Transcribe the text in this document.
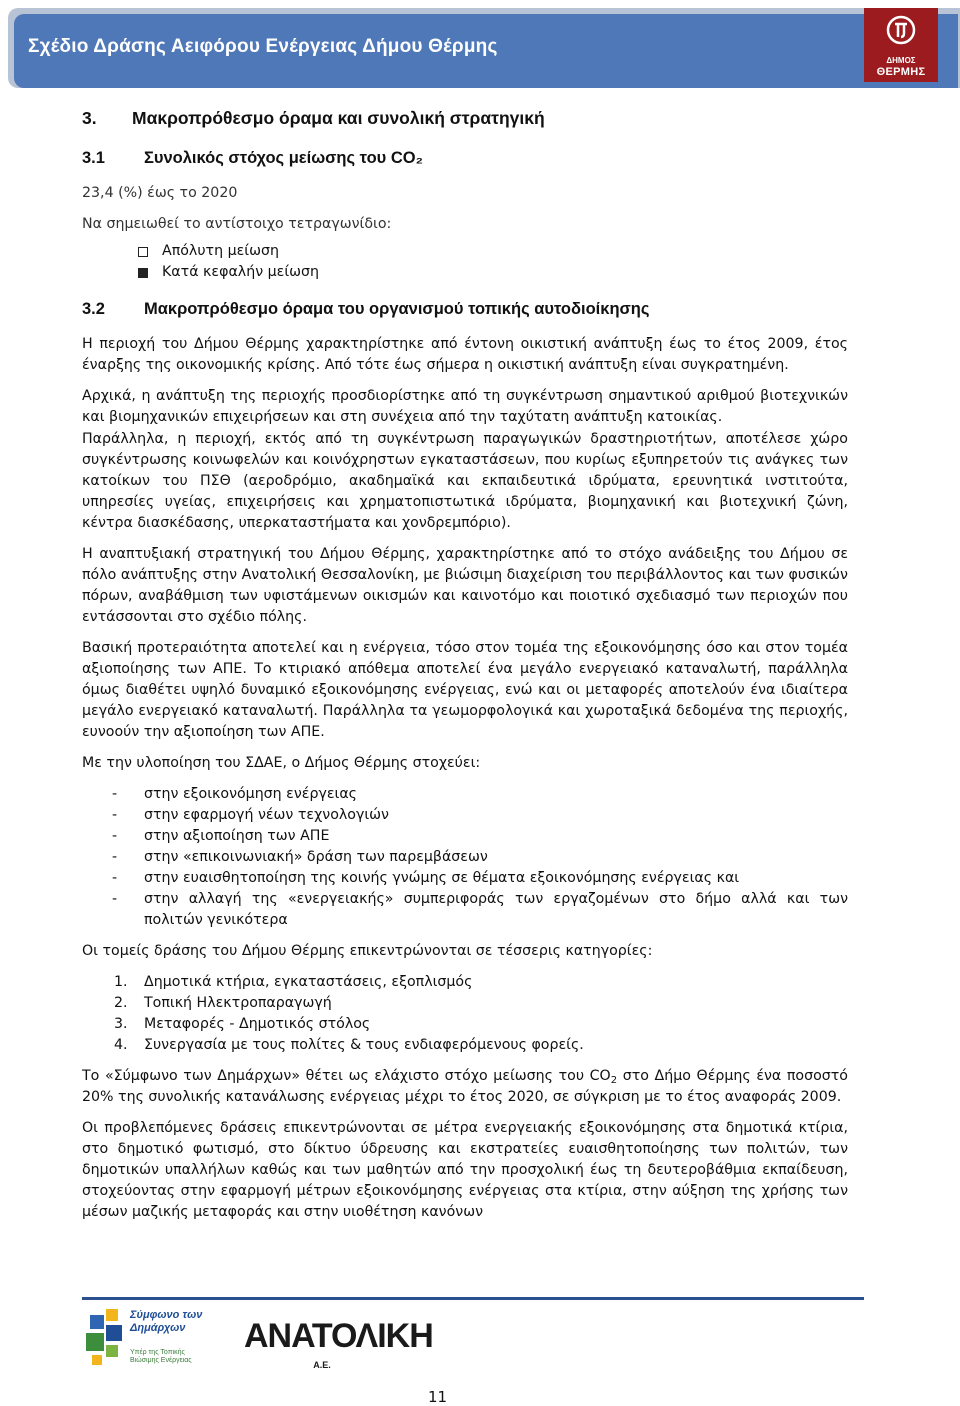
Σχέδιο Δράσης Αειφόρου Ενέργειας Δήμου Θέρμης
ΔΗΜΟΣ
ΘΕΡΜΗΣ
3. Μακροπρόθεσμο όραμα και συνολική στρατηγική
3.1 Συνολικός στόχος μείωσης του CO₂

23,4 (%) έως το 2020

Να σημειωθεί το αντίστοιχο τετραγωνίδιο:

Απόλυτη μείωση
Κατά κεφαλήν μείωση
3.2 Μακροπρόθεσμο όραμα του οργανισμού τοπικής αυτοδιοίκησης

Η περιοχή του Δήμου Θέρμης χαρακτηρίστηκε από έντονη οικιστική ανάπτυξη έως το έτος 2009, έτος έναρξης της οικονομικής κρίσης. Από τότε έως σήμερα η οικιστική ανάπτυξη είναι συγκρατημένη.

Αρχικά, η ανάπτυξη της περιοχής προσδιορίστηκε από τη συγκέντρωση σημαντικού αριθμού βιοτεχνικών και βιομηχανικών επιχειρήσεων και στη συνέχεια από την ταχύτατη ανάπτυξη κατοικίας.

Παράλληλα, η περιοχή, εκτός από τη συγκέντρωση παραγωγικών δραστηριοτήτων, αποτέλεσε χώρο συγκέντρωσης κοινωφελών και κοινόχρηστων εγκαταστάσεων, που κυρίως εξυπηρετούν τις ανάγκες των κατοίκων του ΠΣΘ (αεροδρόμιο, ακαδημαϊκά και εκπαιδευτικά ιδρύματα, ερευνητικά ινστιτούτα, υπηρεσίες υγείας, επιχειρήσεις και χρηματοπιστωτικά ιδρύματα, βιομηχανική και βιοτεχνική ζώνη, κέντρα διασκέδασης, υπερκαταστήματα και χονδρεμπόριο).

Η αναπτυξιακή στρατηγική του Δήμου Θέρμης, χαρακτηρίστηκε από το στόχο ανάδειξης του Δήμου σε πόλο ανάπτυξης στην Ανατολική Θεσσαλονίκη, με βιώσιμη διαχείριση του περιβάλλοντος και των φυσικών πόρων, αναβάθμιση των υφιστάμενων οικισμών και καινοτόμο και ποιοτικό σχεδιασμό των περιοχών που εντάσσονται στο σχέδιο πόλης.

Βασική προτεραιότητα αποτελεί και η ενέργεια, τόσο στον τομέα της εξοικονόμησης όσο και στον τομέα αξιοποίησης των ΑΠΕ. Το κτιριακό απόθεμα αποτελεί ένα μεγάλο ενεργειακό καταναλωτή, παράλληλα όμως διαθέτει υψηλό δυναμικό εξοικονόμησης ενέργειας, ενώ και οι μεταφορές αποτελούν ένα ιδιαίτερα μεγάλο ενεργειακό καταναλωτή. Παράλληλα τα γεωμορφολογικά και χωροταξικά δεδομένα της περιοχής, ευνοούν την αξιοποίηση των ΑΠΕ.

Με την υλοποίηση του ΣΔΑΕ, ο Δήμος Θέρμης στοχεύει:

- στην εξοικονόμηση ενέργειας
- στην εφαρμογή νέων τεχνολογιών
- στην αξιοποίηση των ΑΠΕ
- στην «επικοινωνιακή» δράση των παρεμβάσεων
- στην ευαισθητοποίηση της κοινής γνώμης σε θέματα εξοικονόμησης ενέργειας και
- στην αλλαγή της «ενεργειακής» συμπεριφοράς των εργαζομένων στο δήμο αλλά και των πολιτών γενικότερα

Οι τομείς δράσης του Δήμου Θέρμης επικεντρώνονται σε τέσσερις κατηγορίες:

1. Δημοτικά κτήρια, εγκαταστάσεις, εξοπλισμός
2. Τοπική Ηλεκτροπαραγωγή
3. Μεταφορές - Δημοτικός στόλος
4. Συνεργασία με τους πολίτες & τους ενδιαφερόμενους φορείς.

Το «Σύμφωνο των Δημάρχων» θέτει ως ελάχιστο στόχο μείωσης του $CO_2$ στο Δήμο Θέρμης ένα ποσοστό 20% της συνολικής κατανάλωσης ενέργειας μέχρι το έτος 2020, σε σύγκριση με το έτος αναφοράς 2009.

Οι προβλεπόμενες δράσεις επικεντρώνονται σε μέτρα ενεργειακής εξοικονόμησης στα δημοτικά κτίρια, στο δημοτικό φωτισμό, στο δίκτυο ύδρευσης και εκστρατείες ευαισθητοποίησης των πολιτών, των δημοτικών υπαλλήλων καθώς και των μαθητών από την προσχολική έως τη δευτεροβάθμια εκπαίδευση, στοχεύοντας στην εφαρμογή μέτρων εξοικονόμησης ενέργειας στα κτίρια, στην αύξηση της χρήσης των μέσων μαζικής μεταφοράς και στην υιοθέτηση κανόνων

Σύμφωνο των Δημάρχων
Υπέρ της Τοπικής Βιώσιμης Ενέργειας
ΑΝΑΤΟΛΙΚΗ
Α.Ε.
11
